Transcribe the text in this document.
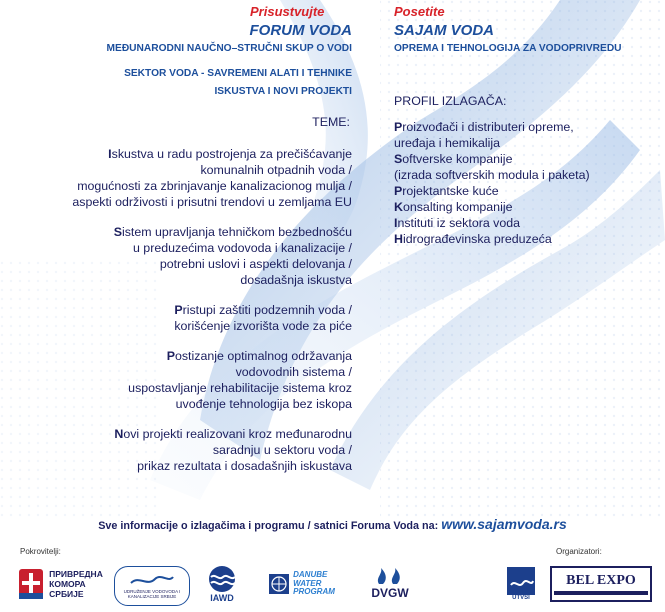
Prisustvujte
FORUM VODA
MEĐUNARODNI NAUČNO–STRUČNI SKUP O VODI
SEKTOR VODA - SAVREMENI ALATI I TEHNIKE
ISKUSTVA I NOVI PROJEKTI
TEME:
Iskustva u radu postrojenja za prečišćavanje
komunalnih otpadnih voda /
mogućnosti za zbrinjavanje kanalizacionog mulja /
aspekti održivosti i prisutni trendovi u zemljama EU
Sistem upravljanja tehničkom bezbednošću
u preduzećima vodovoda i kanalizacije /
potrebni uslovi i aspekti delovanja /
dosadašnja iskustva
Pristupi zaštiti podzemnih voda /
korišćenje izvorišta vode za piće
Postizanje optimalnog održavanja
vodovodnih sistema /
uspostavljanje rehabilitacije sistema kroz
uvođenje tehnologija bez iskopa
Novi projekti realizovani kroz međunarodnu
saradnju u sektoru voda /
prikaz rezultata i dosadašnjih iskustava
Posetite
SAJAM VODA
OPREMA I TEHNOLOGIJA ZA VODOPRIVREDU
PROFIL IZLAGAČA:
Proizvođači i distributeri opreme,
uređaja i hemikalija
Softverske kompanije
(izrada softverskih modula i paketa)
Projektantske kuće
Konsalting kompanije
Instituti iz sektora voda
Hidrograđevinska preduzeća
Sve informacije o izlagačima i programu / satnici Foruma Voda na: www.sajamvoda.rs
Pokrovitelji:	Organizatori:
ПРИВРЕДНА
КОМОРА
СРБИЈЕ	UDRUŽENJE VODOVODA I KANALIZACIJE SRBIJE	IAWD
DANUBE
WATER
PROGRAM	DVGW	UTVSI
BEL EXPO
